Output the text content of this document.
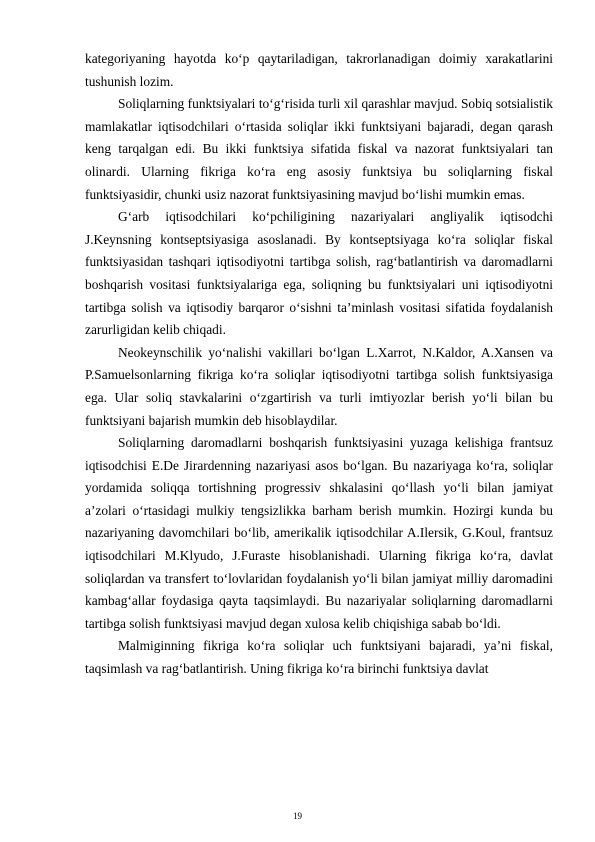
kategoriyaning hayotda ko‘p qaytariladigan, takrorlanadigan doimiy xarakatlarini tushunish lozim.

Soliqlarning funktsiyalari to‘g‘risida turli xil qarashlar mavjud. Sobiq sotsialistik mamlakatlar iqtisodchilari o‘rtasida soliqlar ikki funktsiyani bajaradi, degan qarash keng tarqalgan edi. Bu ikki funktsiya sifatida fiskal va nazorat funktsiyalari tan olinardi. Ularning fikriga ko‘ra eng asosiy funktsiya bu soliqlarning fiskal funktsiyasidir, chunki usiz nazorat funktsiyasining mavjud bo‘lishi mumkin emas.

G‘arb iqtisodchilari ko‘pchiligining nazariyalari angliyalik iqtisodchi J.Keynsning kontseptsiyasiga asoslanadi. By kontseptsiyaga ko‘ra soliqlar fiskal funktsiyasidan tashqari iqtisodiyotni tartibga solish, rag‘batlantirish va daromadlarni boshqarish vositasi funktsiyalariga ega, soliqning bu funktsiyalari uni iqtisodiyotni tartibga solish va iqtisodiy barqaror o‘sishni ta’minlash vositasi sifatida foydalanish zarurligidan kelib chiqadi.

Neokeynschilik yo‘nalishi vakillari bo‘lgan L.Xarrot, N.Kaldor, A.Xansen va P.Samuelsonlarning fikriga ko‘ra soliqlar iqtisodiyotni tartibga solish funktsiyasiga ega. Ular soliq stavkalarini o‘zgartirish va turli imtiyozlar berish yo‘li bilan bu funktsiyani bajarish mumkin deb hisoblaydilar.

Soliqlarning daromadlarni boshqarish funktsiyasini yuzaga kelishiga frantsuz iqtisodchisi E.De Jirardenning nazariyasi asos bo‘lgan. Bu nazariyaga ko‘ra, soliqlar yordamida soliqqa tortishning progressiv shkalasini qo‘llash yo‘li bilan jamiyat a’zolari o‘rtasidagi mulkiy tengsizlikka barham berish mumkin. Hozirgi kunda bu nazariyaning davomchilari bo‘lib, amerikalik iqtisodchilar A.Ilersik, G.Koul, frantsuz iqtisodchilari M.Klyudo, J.Furaste hisoblanishadi. Ularning fikriga ko‘ra, davlat soliqlardan va transfert to‘lovlaridan foydalanish yo‘li bilan jamiyat milliy daromadini kambag‘allar foydasiga qayta taqsimlaydi. Bu nazariyalar soliqlarning daromadlarni tartibga solish funktsiyasi mavjud degan xulosa kelib chiqishiga sabab bo‘ldi.

Malmiginning fikriga ko‘ra soliqlar uch funktsiyani bajaradi, ya’ni fiskal, taqsimlash va rag‘batlantirish. Uning fikriga ko‘ra birinchi funktsiya davlat

19
